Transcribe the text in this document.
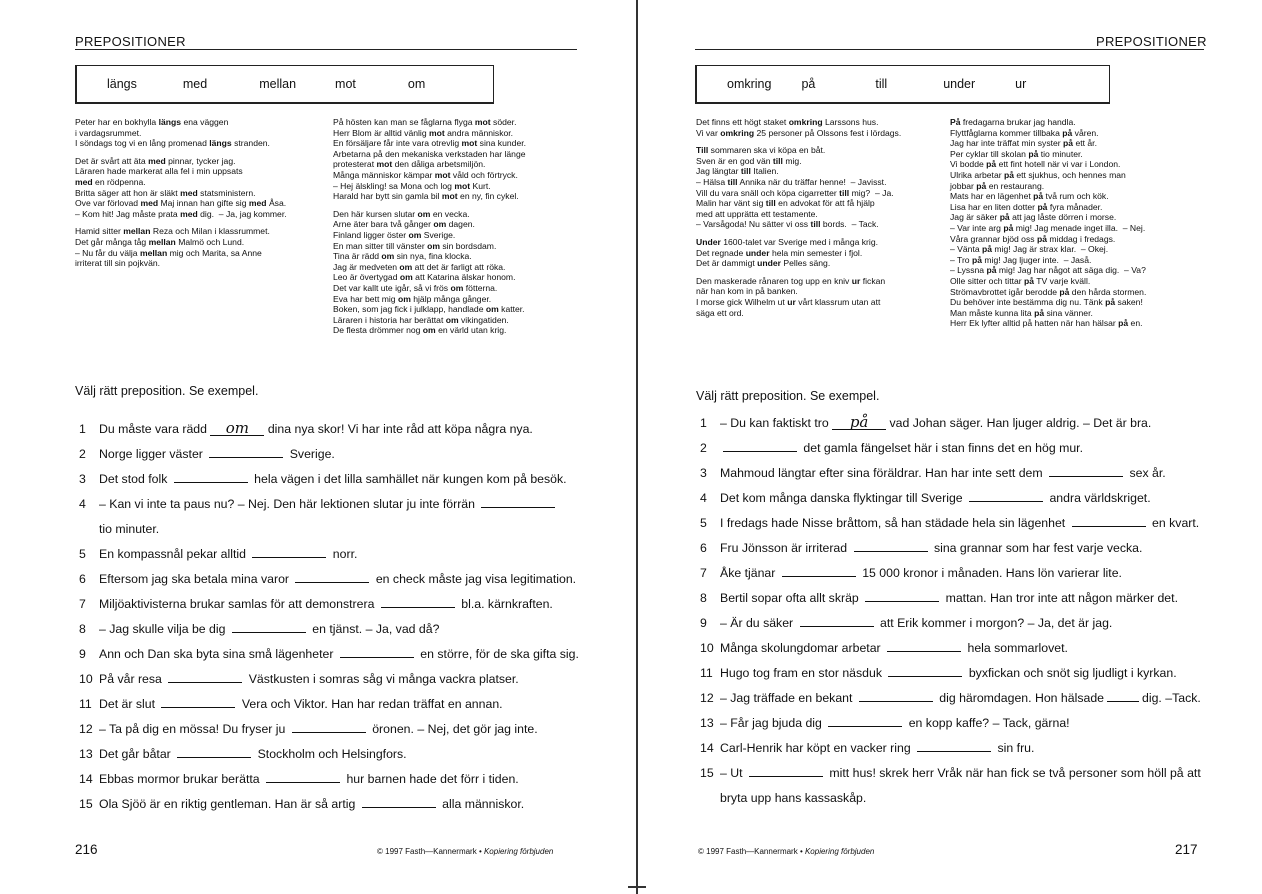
PREPOSITIONER
längs	med	mellan	mot	om
Peter har en bokhylla längs ena väggen
i vardagsrummet.
I söndags tog vi en lång promenad längs stranden.
Det är svårt att äta med pinnar, tycker jag.
Läraren hade markerat alla fel i min uppsats
med en rödpenna.
Britta säger att hon är släkt med statsministern.
Ove var förlovad med Maj innan han gifte sig med Åsa.
– Kom hit! Jag måste prata med dig.  – Ja, jag kommer.
Hamid sitter mellan Reza och Milan i klassrummet.
Det går många tåg mellan Malmö och Lund.
– Nu får du välja mellan mig och Marita, sa Anne
irriterat till sin pojkvän.
På hösten kan man se fåglarna flyga mot söder.
Herr Blom är alltid vänlig mot andra människor.
En försäljare får inte vara otrevlig mot sina kunder.
Arbetarna på den mekaniska verkstaden har länge
protesterat mot den dåliga arbetsmiljön.
Många människor kämpar mot våld och förtryck.
– Hej älskling! sa Mona och log mot Kurt.
Harald har bytt sin gamla bil mot en ny, fin cykel.
Den här kursen slutar om en vecka.
Arne äter bara två gånger om dagen.
Finland ligger öster om Sverige.
En man sitter till vänster om sin bordsdam.
Tina är rädd om sin nya, fina klocka.
Jag är medveten om att det är farligt att röka.
Leo är övertygad om att Katarina älskar honom.
Det var kallt ute igår, så vi frös om fötterna.
Eva har bett mig om hjälp många gånger.
Boken, som jag fick i julklapp, handlade om katter.
Läraren i historia har berättat om vikingatiden.
De flesta drömmer nog om en värld utan krig.
Välj rätt preposition. Se exempel.
1	Du måste vara rädd om dina nya skor! Vi har inte råd att köpa några nya.
2	Norge ligger väster	Sverige.
3	Det stod folk	hela vägen i det lilla samhället när kungen kom på besök.
4	– Kan vi inte ta paus nu? – Nej. Den här lektionen slutar ju inte förrän
tio minuter.
5	En kompassnål pekar alltid	norr.
6	Eftersom jag ska betala mina varor	en check måste jag visa legitimation.
7	Miljöaktivisterna brukar samlas för att demonstrera	bl.a. kärnkraften.
8	– Jag skulle vilja be dig	en tjänst. – Ja, vad då?
9	Ann och Dan ska byta sina små lägenheter	en större, för de ska gifta sig.
10 På vår resa	Västkusten i somras såg vi många vackra platser.
11 Det är slut	Vera och Viktor. Han har redan träffat en annan.
12 – Ta på dig en mössa! Du fryser ju	öronen. – Nej, det gör jag inte.
13 Det går båtar	Stockholm och Helsingfors.
14 Ebbas mormor brukar berätta	hur barnen hade det förr i tiden.
15 Ola Sjöö är en riktig gentleman. Han är så artig	alla människor.
216	© 1997 Fasth—Kannermark • Kopiering förbjuden
PREPOSITIONER
omkring på	till	under	ur
Det finns ett högt staket omkring Larssons hus.
Vi var omkring 25 personer på Olssons fest i lördags.
Till sommaren ska vi köpa en båt.
Sven är en god vän till mig.
Jag längtar till Italien.
– Hälsa till Annika när du träffar henne!  – Javisst.
Vill du vara snäll och köpa cigarretter till mig?  – Ja.
Malin har vänt sig till en advokat för att få hjälp
med att upprätta ett testamente.
– Varsågoda! Nu sätter vi oss till bords.  – Tack.
Under 1600-talet var Sverige med i många krig.
Det regnade under hela min semester i fjol.
Det är dammigt under Pelles säng.
Den maskerade rånaren tog upp en kniv ur fickan
när han kom in på banken.
I morse gick Wilhelm ut ur vårt klassrum utan att
säga ett ord.
På fredagarna brukar jag handla.
Flyttfåglarna kommer tillbaka på våren.
Jag har inte träffat min syster på ett år.
Per cyklar till skolan på tio minuter.
Vi bodde på ett fint hotell när vi var i London.
Ulrika arbetar på ett sjukhus, och hennes man
jobbar på en restaurang.
Mats har en lägenhet på två rum och kök.
Lisa har en liten dotter på fyra månader.
Jag är säker på att jag låste dörren i morse.
– Var inte arg på mig! Jag menade inget illa.  – Nej.
Våra grannar bjöd oss på middag i fredags.
– Vänta på mig! Jag är strax klar.  – Okej.
– Tro på mig! Jag ljuger inte.  – Jaså.
– Lyssna på mig! Jag har något att säga dig.  – Va?
Olle sitter och tittar på TV varje kväll.
Strömavbrottet igår berodde på den hårda stormen.
Du behöver inte bestämma dig nu. Tänk på saken!
Man måste kunna lita på sina vänner.
Herr Ek lyfter alltid på hatten när han hälsar på en.
Välj rätt preposition. Se exempel.
1	– Du kan faktiskt tro på vad Johan säger. Han ljuger aldrig. – Det är bra.
2	det gamla fängelset här i stan finns det en hög mur.
3	Mahmoud längtar efter sina föräldrar. Han har inte sett dem	sex år.
4	Det kom många danska flyktingar till Sverige	andra världskriget.
5	I fredags hade Nisse bråttom, så han städade hela sin lägenhet	en kvart.
6	Fru Jönsson är irriterad	sina grannar som har fest varje vecka.
7	Åke tjänar	15 000 kronor i månaden. Hans lön varierar lite.
8	Bertil sopar ofta allt skräp	mattan. Han tror inte att någon märker det.
9	– Är du säker	att Erik kommer i morgon? – Ja, det är jag.
10 Många skolungdomar arbetar	hela sommarlovet.
11 Hugo tog fram en stor näsduk	byxfickan och snöt sig ljudligt i kyrkan.
12 – Jag träffade en bekant	dig häromdagen. Hon hälsade	dig. –Tack.
13 – Får jag bjuda dig	en kopp kaffe? – Tack, gärna!
14 Carl-Henrik har köpt en vacker ring	sin fru.
15 – Ut	mitt hus! skrek herr Vråk när han fick se två personer som höll på att
bryta upp hans kassaskåp.
217
© 1997 Fasth—Kannermark • Kopiering förbjuden
